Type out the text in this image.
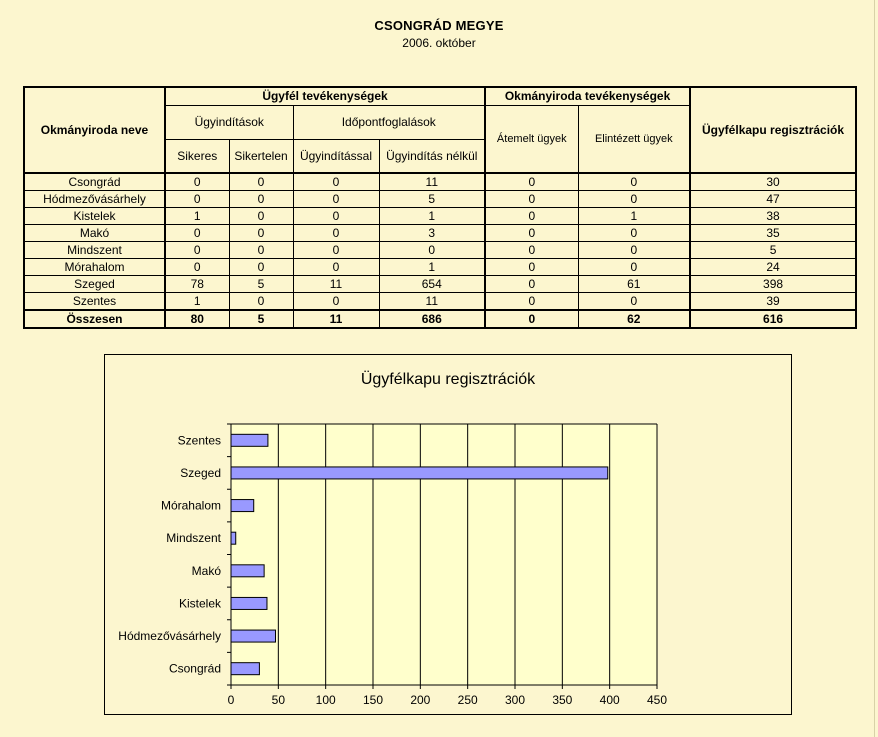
CSONGRÁD MEGYE
2006. október
Okmányiroda neve	Ügyfél tevékenységek				Okmányiroda tevékenységek		Ügyfélkapu regisztrációk
	Ügyindítások		Időpontfoglalások		Átemelt ügyek	Elintézett ügyek	
	Sikeres	Sikertelen	Ügyindítással	Ügyindítás nélkül			
Csongrád	0	0	0	11	0	0	30
Hódmezővásárhely	0	0	0	5	0	0	47
Kistelek	1	0	0	1	0	1	38
Makó	0	0	0	3	0	0	35
Mindszent	0	0	0	0	0	0	5
Mórahalom	0	0	0	1	0	0	24
Szeged	78	5	11	654	0	61	398
Szentes	1	0	0	11	0	0	39
Összesen	80	5	11	686	0	62	616
Ügyfélkapu regisztrációk
0	50	100 150 200 250 300 350 400 450
Csongrád
Hódmezővásárhely
Kistelek
Makó
Mindszent
Mórahalom
Szeged
Szentes
